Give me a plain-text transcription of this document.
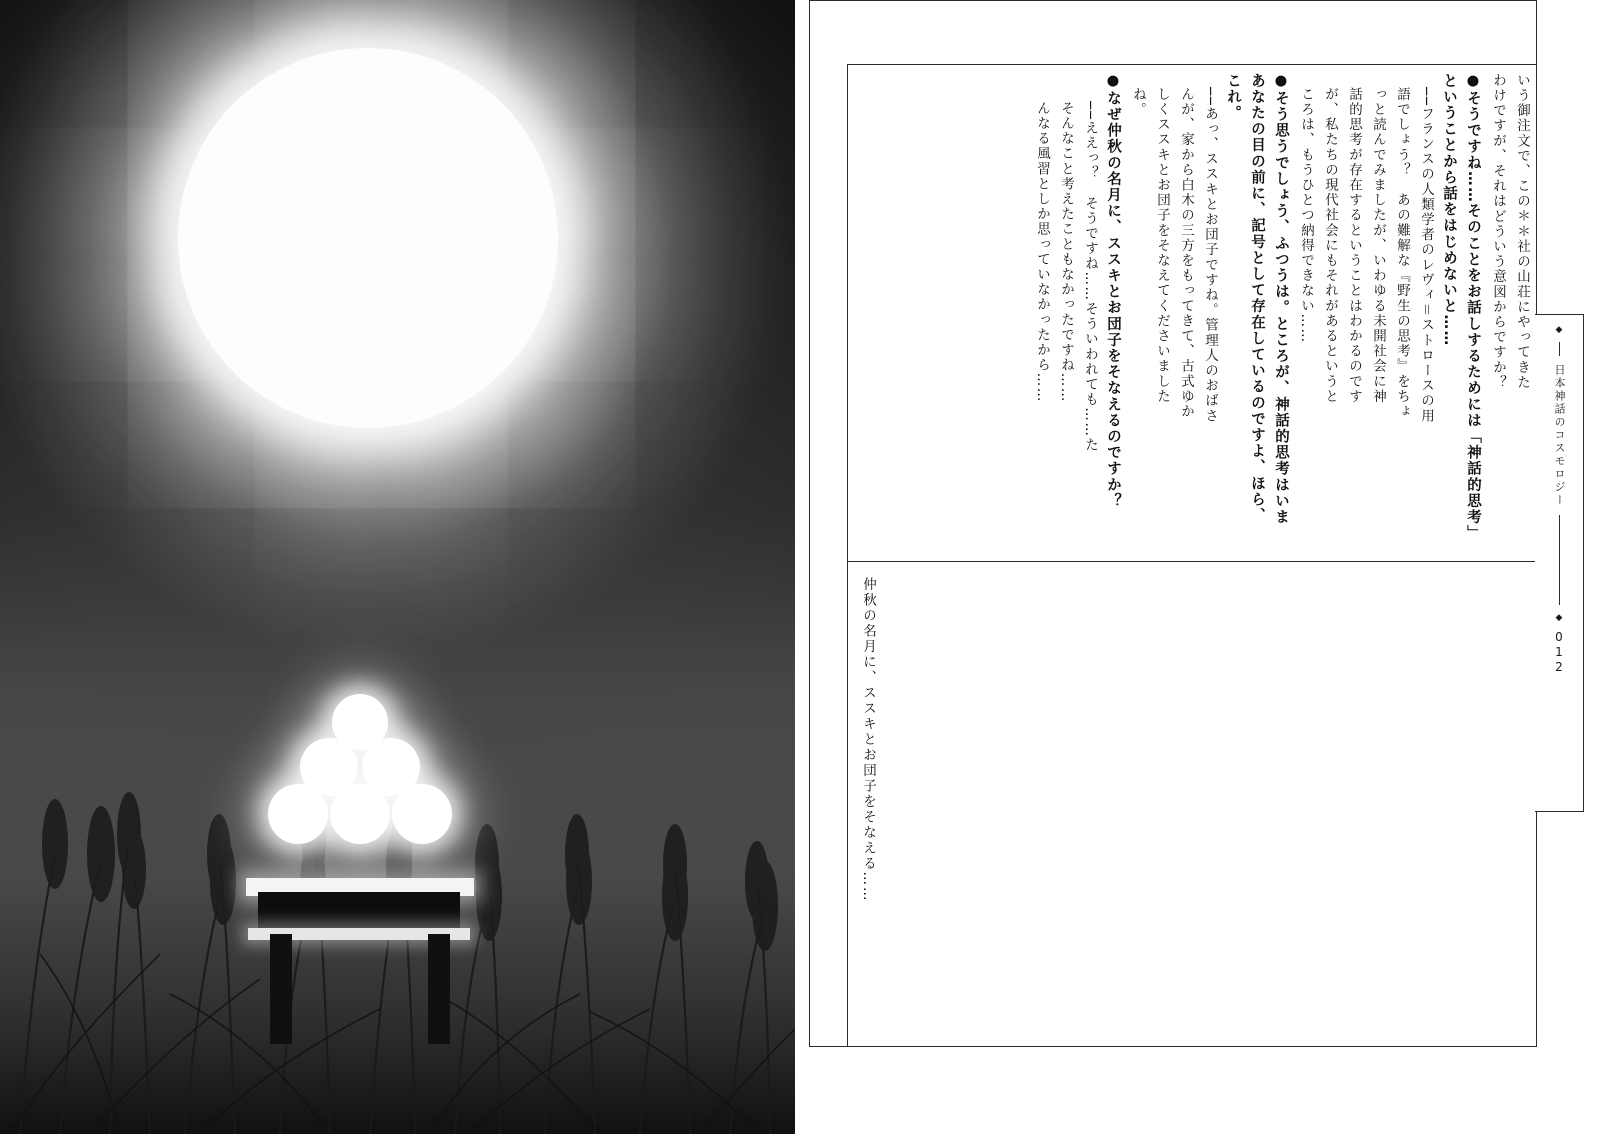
いう御注文で、この＊＊社の山荘にやってきた
わけですが、それはどういう意図からですか？
●そうですね……そのことをお話しするためには「神話的思考」
ということから話をはじめないと……
──フランスの人類学者のレヴィ＝ストロースの用
語でしょう？　あの難解な『野生の思考』をちょ
っと読んでみましたが、いわゆる未開社会に神
話的思考が存在するということはわかるのです
が、私たちの現代社会にもそれがあるというと
ころは、もうひとつ納得できない……
●そう思うでしょう、ふつうは。ところが、神話的思考はいま
あなたの目の前に、記号として存在しているのですよ、ほら、
これ。
──あっ、ススキとお団子ですね。管理人のおばさ
んが、家から白木の三方をもってきて、古式ゆか
しくススキとお団子をそなえてくださいました
ね。
●なぜ仲秋の名月に、ススキとお団子をそなえるのですか？
──ええっ？　そうですね……そういわれても……た
そんなこと考えたこともなかったですね……
んなる風習としか思っていなかったから……
仲秋の名月に、ススキとお団子をそなえる……
◆
日本神話のコスモロジー
◆
012
